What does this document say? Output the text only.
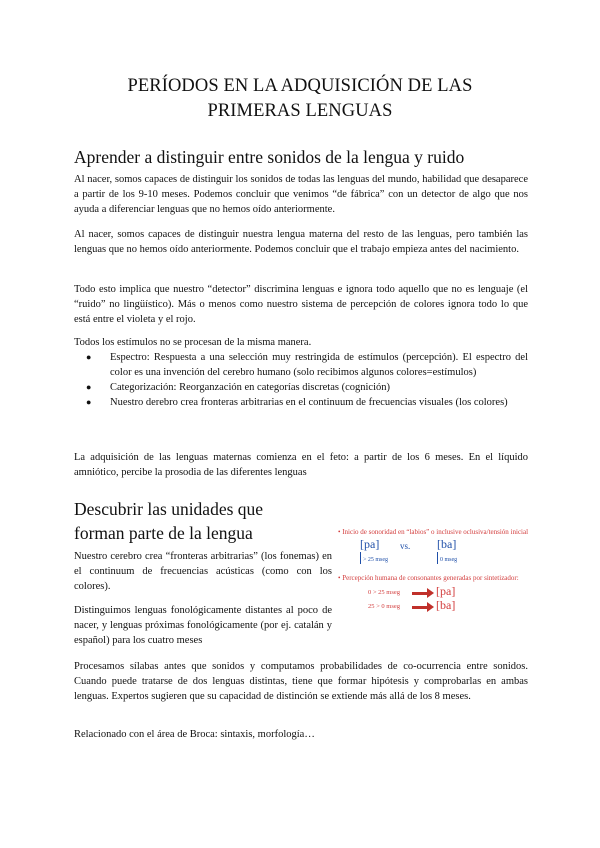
PERÍODOS EN LA ADQUISICIÓN DE LAS
PRIMERAS LENGUAS
Aprender a distinguir entre sonidos de la lengua y ruido

Al nacer, somos capaces de distinguir los sonidos de todas las lenguas del mundo, habilidad que desaparece a partir de los 9-10 meses. Podemos concluir que venimos “de fábrica” con un detector de algo que nos ayuda a diferenciar lenguas que no hemos oído anteriormente.

Al nacer, somos capaces de distinguir nuestra lengua materna del resto de las lenguas, pero también las lenguas que no hemos oído anteriormente. Podemos concluir que el trabajo empieza antes del nacimiento.

Todo esto implica que nuestro “detector” discrimina lenguas e ignora todo aquello que no es lenguaje (el “ruido” no lingüístico). Más o menos como nuestro sistema de percepción de colores ignora todo lo que está entre el violeta y el rojo.

Todos los estímulos no se procesan de la misma manera.

● Espectro: Respuesta a una selección muy restringida de estímulos (percepción). El espectro del color es una invención del cerebro humano (solo recibimos algunos colores=estímulos)
● Categorización: Reorganzación en categorías discretas (cognición)
● Nuestro derebro crea fronteras arbitrarias en el continuum de frecuencias visuales (los colores)

La adquisición de las lenguas maternas comienza en el feto: a partir de los 6 meses. En el líquido amniótico, percibe la prosodia de las diferentes lenguas

Descubrir las unidades que
forman parte de la lengua

Nuestro cerebro crea “fronteras arbitrarias” (los fonemas) en el continuum de frecuencias acústicas (como con los colores).

Distinguimos lenguas fonológicamente distantes al poco de nacer, y lenguas próximas fonológicamente (por ej. catalán y español) para los cuatro meses

• Inicio de sonoridad en “labios” o inclusive oclusiva/tensión inicial
[pa] vs. [ba]
> 25 mseg	0 mseg
• Percepción humana de consonantes generadas por sintetizador:
0 > 25 mseg	[pa]
25 > 0 mseg	[ba]

Procesamos sílabas antes que sonidos y computamos probabilidades de co-ocurrencia entre sonidos. Cuando puede tratarse de dos lenguas distintas, tiene que formar hipótesis y comprobarlas en ambas lenguas. Expertos sugieren que su capacidad de distinción se extiende más allá de los 8 meses.

Relacionado con el área de Broca: sintaxis, morfología…
